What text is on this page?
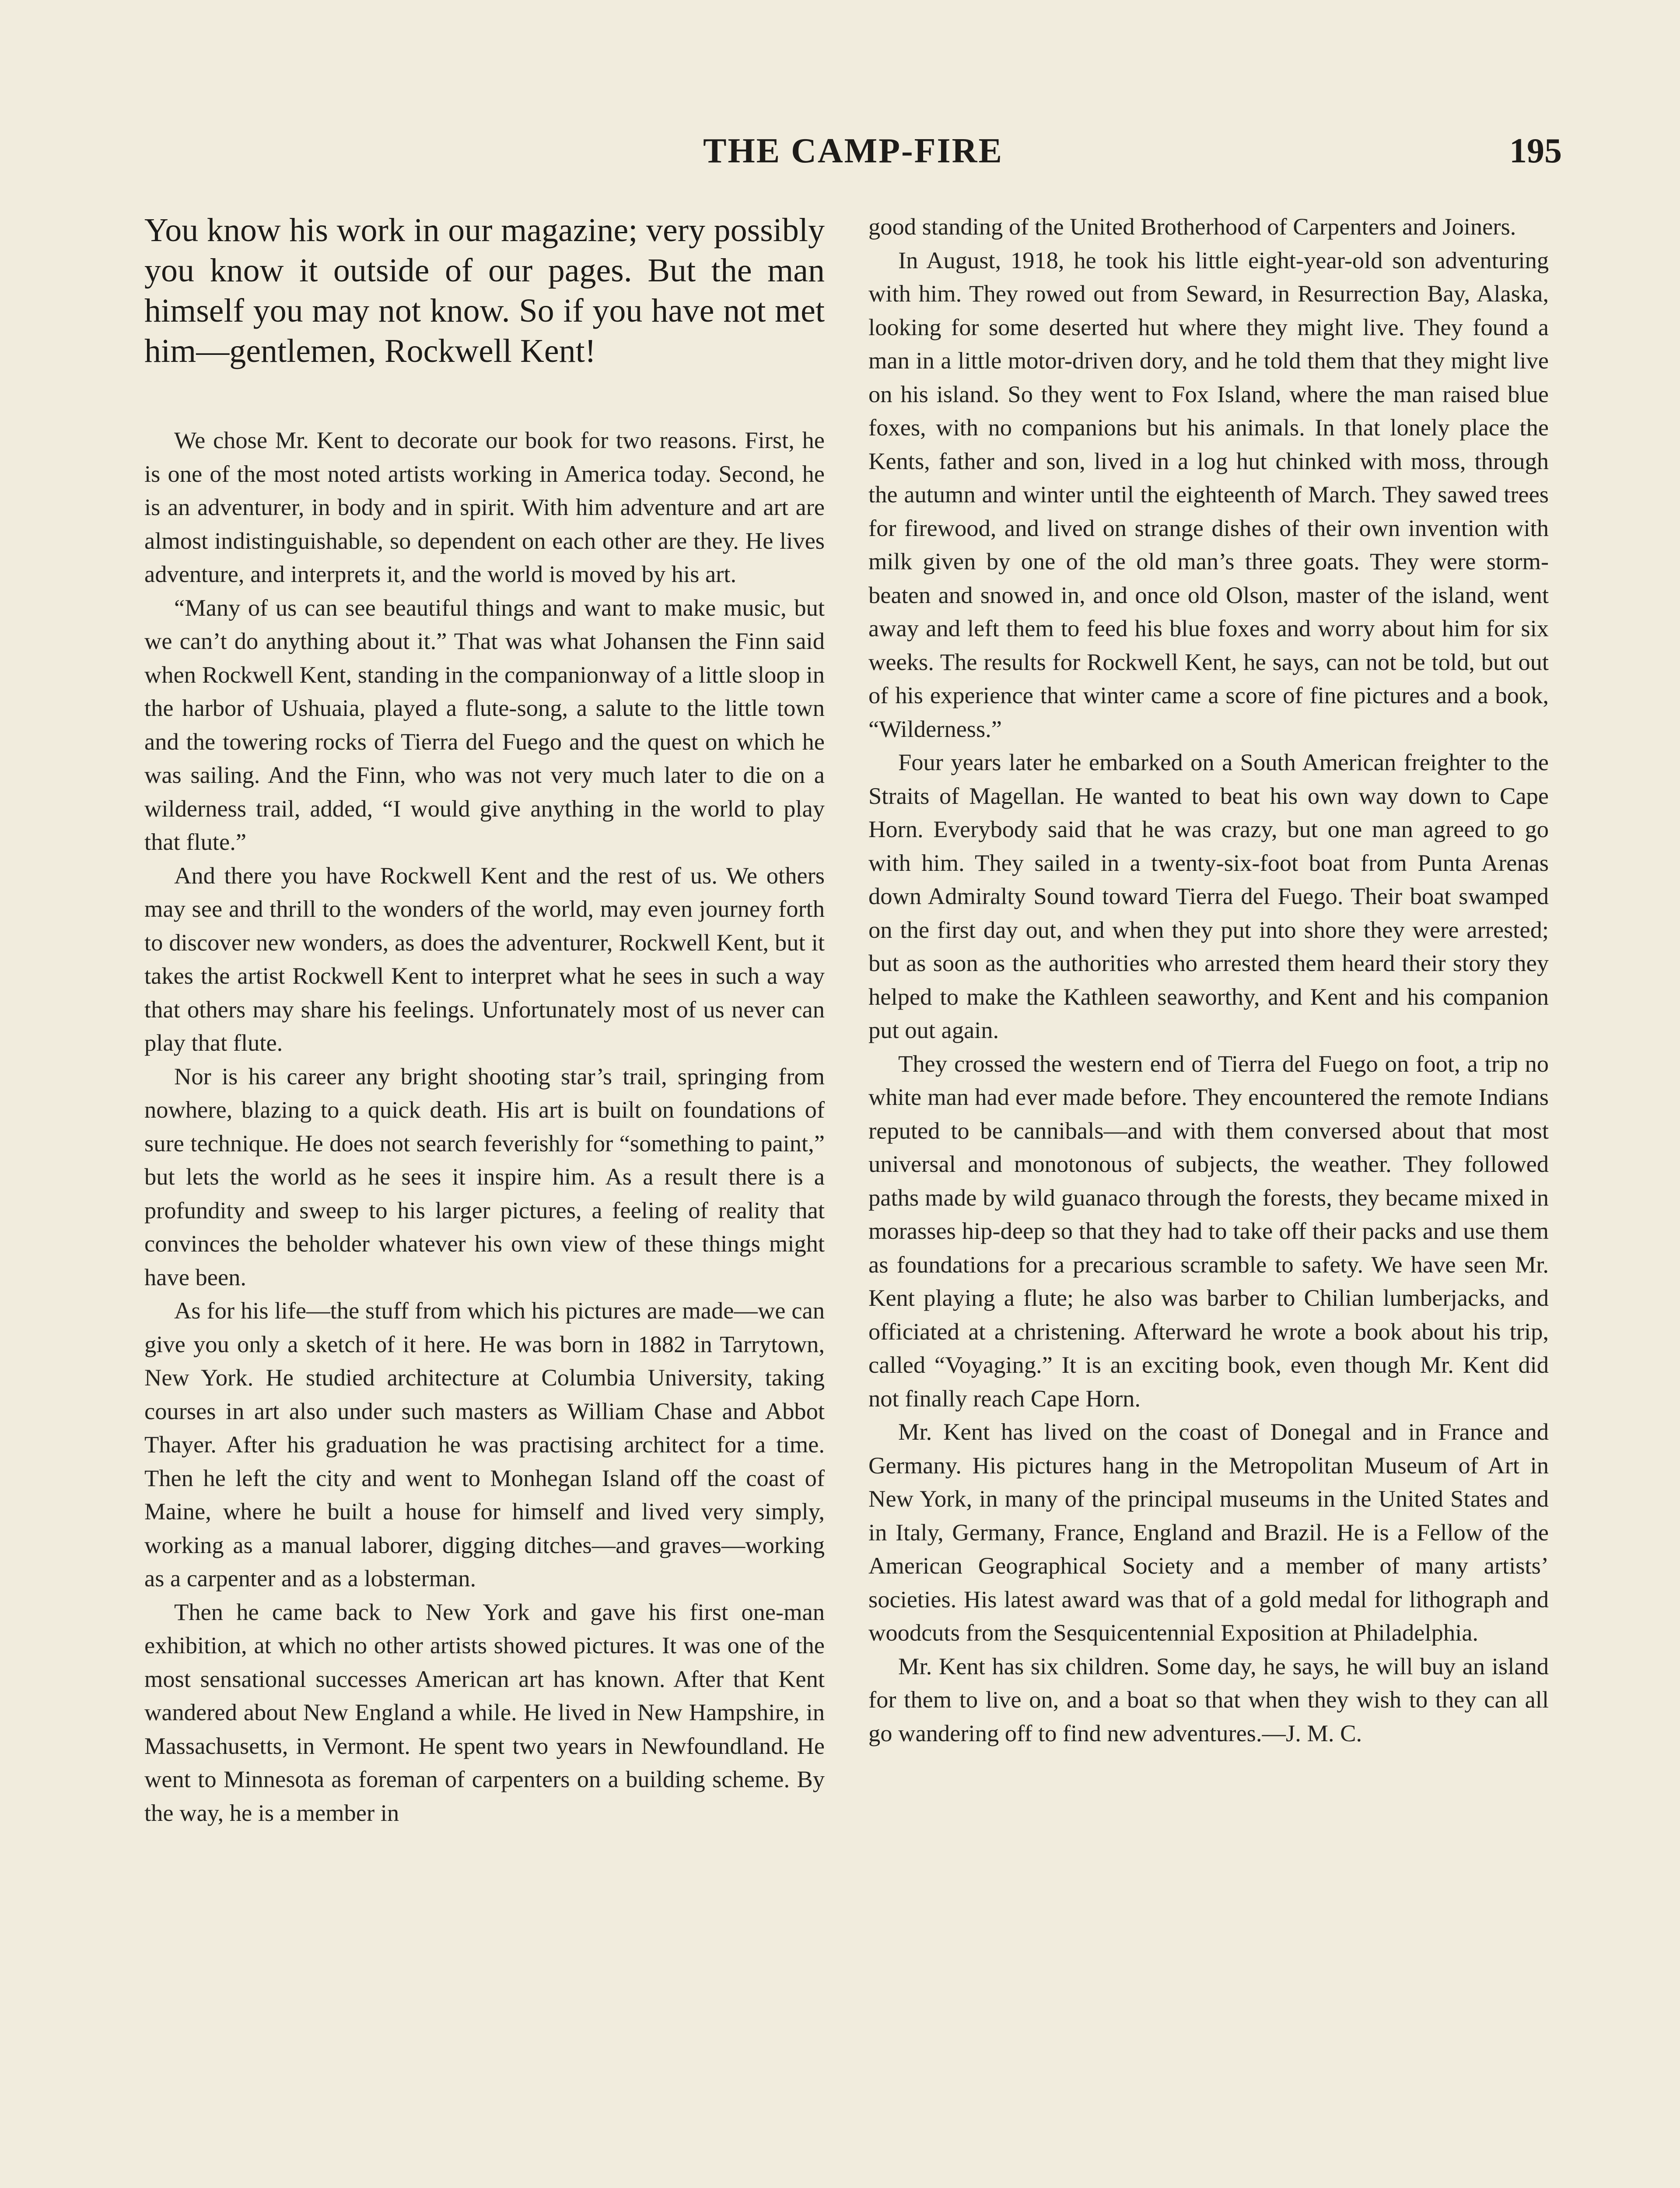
THE CAMP-FIRE	195

You know his work in our magazine; very possibly you know it outside of our pages. But the man himself you may not know. So if you have not met him—gentlemen, Rockwell Kent!

We chose Mr. Kent to decorate our book for two reasons. First, he is one of the most noted artists working in America today. Second, he is an adventurer, in body and in spirit. With him adventure and art are almost indistinguishable, so dependent on each other are they. He lives adventure, and interprets it, and the world is moved by his art.

“Many of us can see beautiful things and want to make music, but we can’t do anything about it.” That was what Johansen the Finn said when Rockwell Kent, standing in the companionway of a little sloop in the harbor of Ushuaia, played a flute-song, a salute to the little town and the towering rocks of Tierra del Fuego and the quest on which he was sailing. And the Finn, who was not very much later to die on a wilderness trail, added, “I would give anything in the world to play that flute.”

And there you have Rockwell Kent and the rest of us. We others may see and thrill to the wonders of the world, may even journey forth to discover new wonders, as does the adventurer, Rockwell Kent, but it takes the artist Rockwell Kent to interpret what he sees in such a way that others may share his feelings. Unfortunately most of us never can play that flute.

Nor is his career any bright shooting star’s trail, springing from nowhere, blazing to a quick death. His art is built on foundations of sure technique. He does not search feverishly for “something to paint,” but lets the world as he sees it inspire him. As a result there is a profundity and sweep to his larger pictures, a feeling of reality that convinces the beholder whatever his own view of these things might have been.

As for his life—the stuff from which his pictures are made—we can give you only a sketch of it here. He was born in 1882 in Tarrytown, New York. He studied architecture at Columbia University, taking courses in art also under such masters as William Chase and Abbot Thayer. After his graduation he was practising architect for a time. Then he left the city and went to Monhegan Island off the coast of Maine, where he built a house for himself and lived very simply, working as a manual laborer, digging ditches—and graves—working as a carpenter and as a lobsterman.

Then he came back to New York and gave his first one-man exhibition, at which no other artists showed pictures. It was one of the most sensational successes American art has known. After that Kent wandered about New England a while. He lived in New Hampshire, in Massachusetts, in Vermont. He spent two years in Newfoundland. He went to Minnesota as foreman of carpenters on a building scheme. By the way, he is a member in

good standing of the United Brotherhood of Carpenters and Joiners.

In August, 1918, he took his little eight-year-old son adventuring with him. They rowed out from Seward, in Resurrection Bay, Alaska, looking for some deserted hut where they might live. They found a man in a little motor-driven dory, and he told them that they might live on his island. So they went to Fox Island, where the man raised blue foxes, with no companions but his animals. In that lonely place the Kents, father and son, lived in a log hut chinked with moss, through the autumn and winter until the eighteenth of March. They sawed trees for firewood, and lived on strange dishes of their own invention with milk given by one of the old man’s three goats. They were storm-beaten and snowed in, and once old Olson, master of the island, went away and left them to feed his blue foxes and worry about him for six weeks. The results for Rockwell Kent, he says, can not be told, but out of his experience that winter came a score of fine pictures and a book, “Wilderness.”

Four years later he embarked on a South American freighter to the Straits of Magellan. He wanted to beat his own way down to Cape Horn. Everybody said that he was crazy, but one man agreed to go with him. They sailed in a twenty-six-foot boat from Punta Arenas down Admiralty Sound toward Tierra del Fuego. Their boat swamped on the first day out, and when they put into shore they were arrested; but as soon as the authorities who arrested them heard their story they helped to make the Kathleen seaworthy, and Kent and his companion put out again.

They crossed the western end of Tierra del Fuego on foot, a trip no white man had ever made before. They encountered the remote Indians reputed to be cannibals—and with them conversed about that most universal and monotonous of subjects, the weather. They followed paths made by wild guanaco through the forests, they became mixed in morasses hip-deep so that they had to take off their packs and use them as foundations for a precarious scramble to safety. We have seen Mr. Kent playing a flute; he also was barber to Chilian lumberjacks, and officiated at a christening. Afterward he wrote a book about his trip, called “Voyaging.” It is an exciting book, even though Mr. Kent did not finally reach Cape Horn.

Mr. Kent has lived on the coast of Donegal and in France and Germany. His pictures hang in the Metropolitan Museum of Art in New York, in many of the principal museums in the United States and in Italy, Germany, France, England and Brazil. He is a Fellow of the American Geographical Society and a member of many artists’ societies. His latest award was that of a gold medal for lithograph and woodcuts from the Sesquicentennial Exposition at Philadelphia.

Mr. Kent has six children. Some day, he says, he will buy an island for them to live on, and a boat so that when they wish to they can all go wandering off to find new adventures.—J. M. C.
